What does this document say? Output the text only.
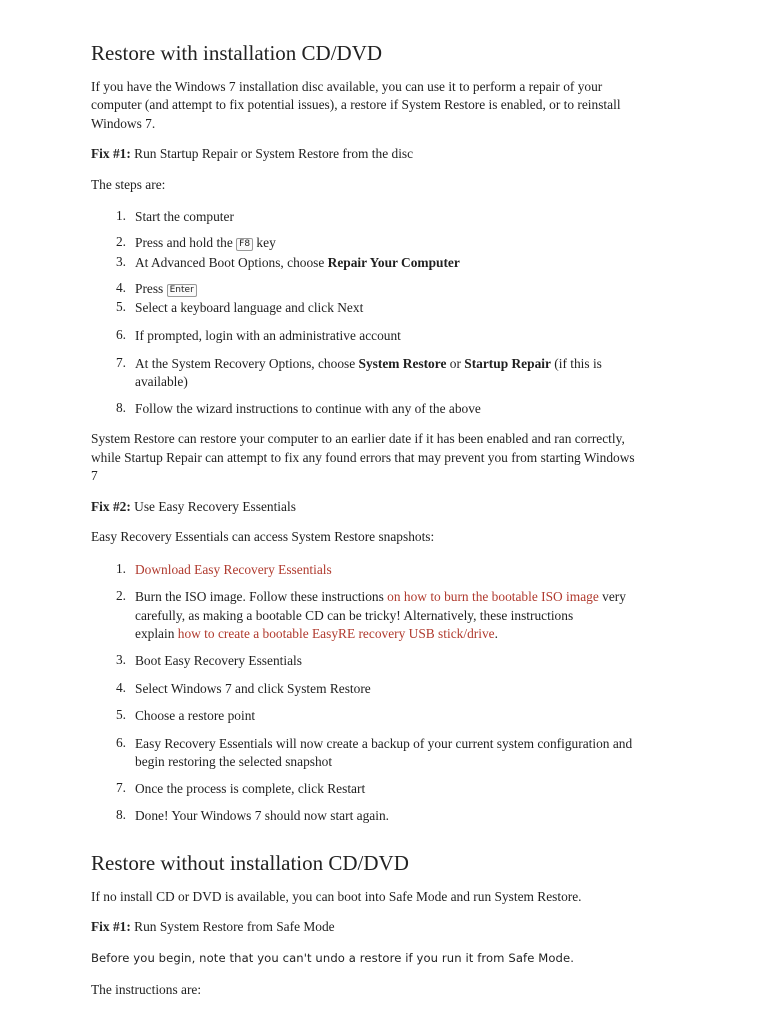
Restore with installation CD/DVD
If you have the Windows 7 installation disc available, you can use it to perform a repair of your
computer (and attempt to fix potential issues), a restore if System Restore is enabled, or to reinstall
Windows 7.
Fix #1: Run Startup Repair or System Restore from the disc
The steps are:
1. Start the computer
2. Press and hold the F8 key
3. At Advanced Boot Options, choose Repair Your Computer
4. Press Enter
5. Select a keyboard language and click Next
6. If prompted, login with an administrative account
7. At the System Recovery Options, choose System Restore or Startup Repair (if this is
available)
8. Follow the wizard instructions to continue with any of the above
System Restore can restore your computer to an earlier date if it has been enabled and ran correctly,
while Startup Repair can attempt to fix any found errors that may prevent you from starting Windows
7
Fix #2: Use Easy Recovery Essentials
Easy Recovery Essentials can access System Restore snapshots:
1. Download Easy Recovery Essentials
2. Burn the ISO image. Follow these instructions on how to burn the bootable ISO image very
carefully, as making a bootable CD can be tricky! Alternatively, these instructions
explain how to create a bootable EasyRE recovery USB stick/drive.
3. Boot Easy Recovery Essentials
4. Select Windows 7 and click System Restore
5. Choose a restore point
6. Easy Recovery Essentials will now create a backup of your current system configuration and
begin restoring the selected snapshot
7. Once the process is complete, click Restart
8. Done! Your Windows 7 should now start again.
Restore without installation CD/DVD
If no install CD or DVD is available, you can boot into Safe Mode and run System Restore.
Fix #1: Run System Restore from Safe Mode
Before you begin, note that you can't undo a restore if you run it from Safe Mode.
The instructions are:
